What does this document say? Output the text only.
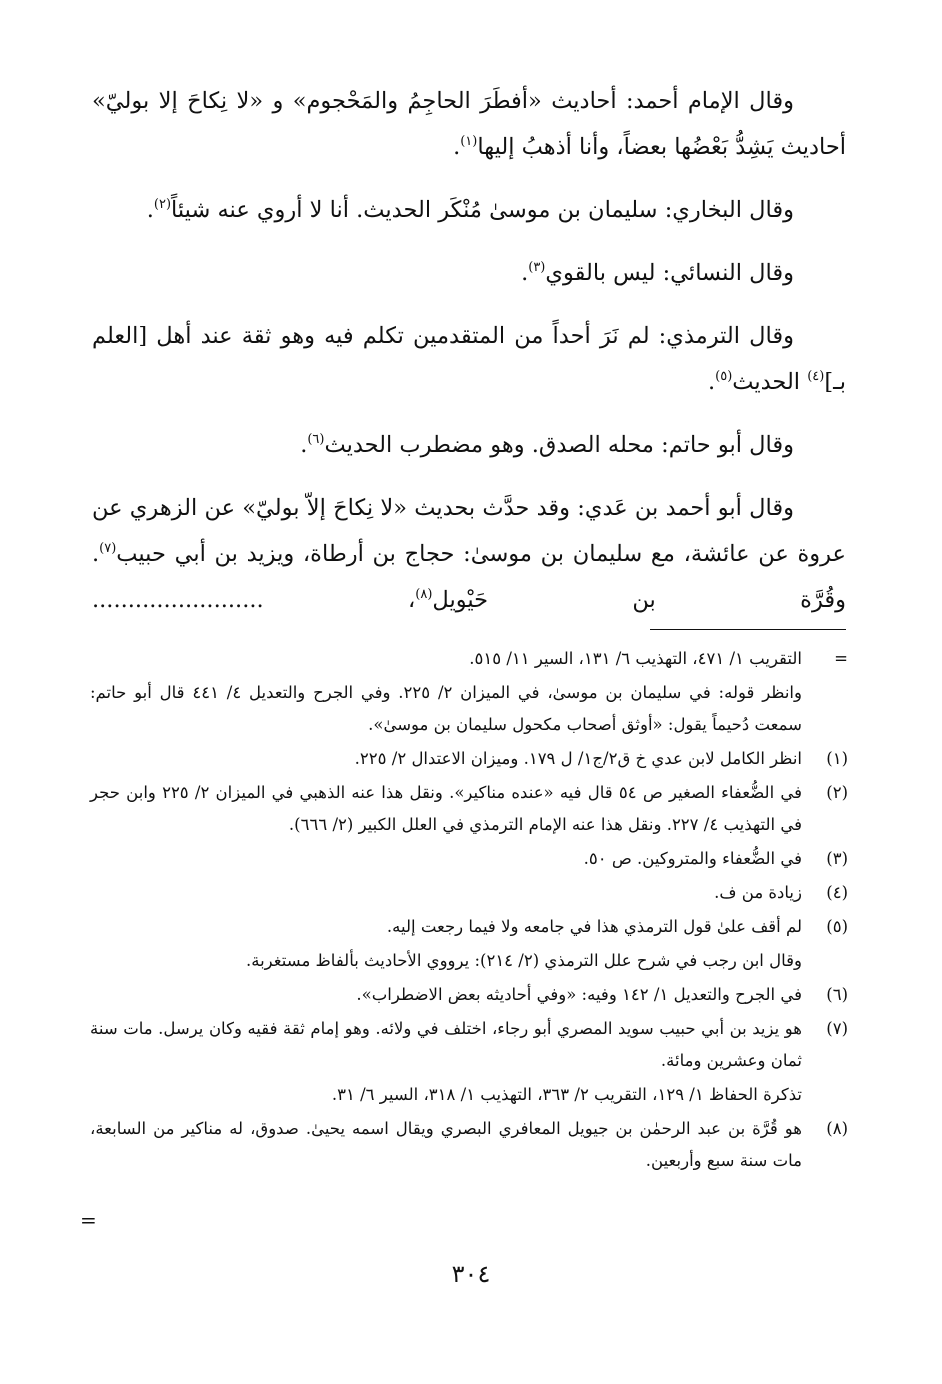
وقال الإمام أحمد: أحاديث «أفطَرَ الحاجِمُ والمَحْجوم» و «لا نِكاحَ إلا بوليّ» أحاديث يَشِدُّ بَعْضُها بعضاً، وأنا أذهبُ إليها$^{(١)}$.

وقال البخاري: سليمان بن موسىٰ مُنْكَر الحديث. أنا لا أروي عنه شيئاً$^{(٢)}$.

وقال النسائي: ليس بالقوي$^{(٣)}$.

وقال الترمذي: لم نَرَ أحداً من المتقدمين تكلم فيه وهو ثقة عند أهل [العلم بـ]$^{(٤)}$ الحديث$^{(٥)}$.

وقال أبو حاتم: محله الصدق. وهو مضطرب الحديث$^{(٦)}$.

وقال أبو أحمد بن عَدي: وقد حدَّث بحديث «لا نِكاحَ إلاّ بوليّ» عن الزهري عن عروة عن عائشة، مع سليمان بن موسىٰ: حجاج بن أرطاة، ويزيد بن أبي حبيب$^{(٧)}$. وقُرَّة بن حَيْويل$^{(٨)}$، ........................

=
التقريب ١/ ٤٧١، التهذيب ٦/ ١٣١، السير ١١/ ٥١٥.
وانظر قوله: في سليمان بن موسىٰ، في الميزان ٢/ ٢٢٥. وفي الجرح والتعديل ٤/ ٤٤١ قال أبو حاتم: سمعت دُحيماً يقول: «أوثق أصحاب مكحول سليمان بن موسىٰ».
(١)
انظر الكامل لابن عدي خ ق٢/ج١/ ل ١٧٩. وميزان الاعتدال ٢/ ٢٢٥.
(٢)
في الضُّعفاء الصغير ص ٥٤ قال فيه «عنده مناكير». ونقل هذا عنه الذهبي في الميزان ٢/ ٢٢٥ وابن حجر في التهذيب ٤/ ٢٢٧. ونقل هذا عنه الإمام الترمذي في العلل الكبير (٢/ ٦٦٦).
(٣)
في الضُّعفاء والمتروكين. ص ٥٠.
(٤)
زيادة من ف.
(٥)
لم أقف علىٰ قول الترمذي هذا في جامعه ولا فيما رجعت إليه.
وقال ابن رجب في شرح علل الترمذي (٢/ ٢١٤): يرووي الأحاديث بألفاظ مستغربة.
(٦)
في الجرح والتعديل ١/ ١٤٢ وفيه: «وفي أحاديثه بعض الاضطراب».
(٧)
هو يزيد بن أبي حبيب سويد المصري أبو رجاء، اختلف في ولائه. وهو إمام ثقة فقيه وكان يرسل. مات سنة ثمان وعشرين ومائة.
تذكرة الحفاظ ١/ ١٢٩، التقريب ٢/ ٣٦٣، التهذيب ١/ ٣١٨، السير ٦/ ٣١.
(٨)
هو قُرَّة بن عبد الرحمٰن بن جيويل المعافري البصري ويقال اسمه يحيىٰ. صدوق، له مناكير من السابعة، مات سنة سبع وأربعين.
=
٣٠٤
